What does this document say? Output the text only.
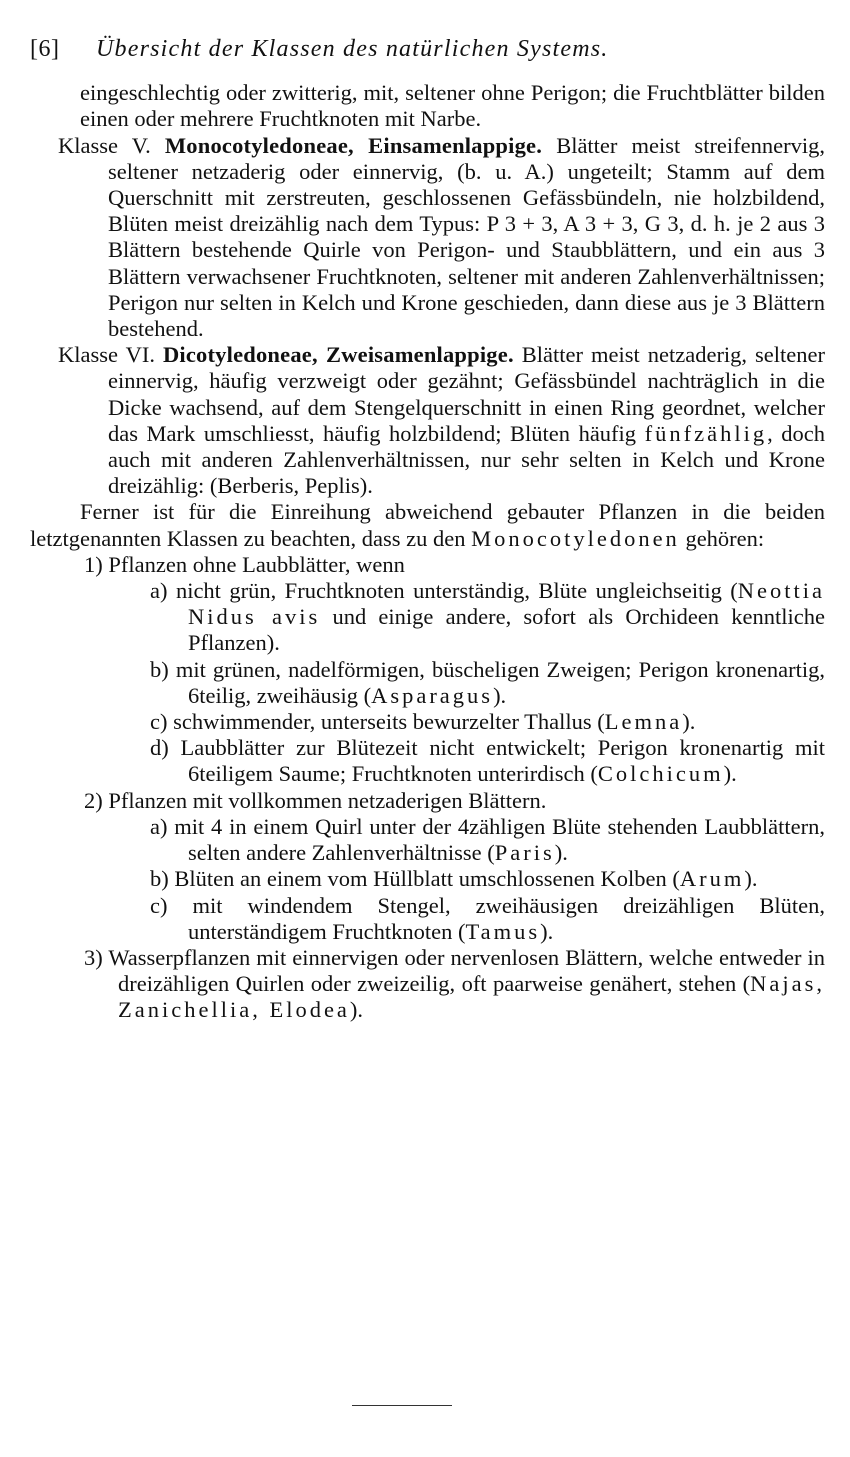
[6]	Übersicht der Klassen des natürlichen Systems.

eingeschlechtig oder zwitterig, mit, seltener ohne Perigon; die Fruchtblätter bilden einen oder mehrere Fruchtknoten mit Narbe.

Klasse V. Monocotyledoneae, Einsamenlappige. Blätter meist streifennervig, seltener netzaderig oder einnervig, (b. u. A.) ungeteilt; Stamm auf dem Querschnitt mit zerstreuten, geschlossenen Gefässbündeln, nie holzbildend, Blüten meist dreizählig nach dem Typus: P 3 + 3, A 3 + 3, G 3, d. h. je 2 aus 3 Blättern bestehende Quirle von Perigon- und Staubblättern, und ein aus 3 Blättern verwachsener Fruchtknoten, seltener mit anderen Zahlenverhältnissen; Perigon nur selten in Kelch und Krone geschieden, dann diese aus je 3 Blättern bestehend.

Klasse VI. Dicotyledoneae, Zweisamenlappige. Blätter meist netzaderig, seltener einnervig, häufig verzweigt oder gezähnt; Gefässbündel nachträglich in die Dicke wachsend, auf dem Stengelquerschnitt in einen Ring geordnet, welcher das Mark umschliesst, häufig holzbildend; Blüten häufig fünfzählig, doch auch mit anderen Zahlenverhältnissen, nur sehr selten in Kelch und Krone dreizählig: (Berberis, Peplis).

Ferner ist für die Einreihung abweichend gebauter Pflanzen in die beiden letztgenannten Klassen zu beachten, dass zu den Monocotyledonen gehören:

1) Pflanzen ohne Laubblätter, wenn

a) nicht grün, Fruchtknoten unterständig, Blüte ungleichseitig (Neottia Nidus avis und einige andere, sofort als Orchideen kenntliche Pflanzen).

b) mit grünen, nadelförmigen, büscheligen Zweigen; Perigon kronenartig, 6teilig, zweihäusig (Asparagus).

c) schwimmender, unterseits bewurzelter Thallus (Lemna).

d) Laubblätter zur Blütezeit nicht entwickelt; Perigon kronenartig mit 6teiligem Saume; Fruchtknoten unterirdisch (Colchicum).

2) Pflanzen mit vollkommen netzaderigen Blättern.

a) mit 4 in einem Quirl unter der 4zähligen Blüte stehenden Laubblättern, selten andere Zahlenverhältnisse (Paris).

b) Blüten an einem vom Hüllblatt umschlossenen Kolben (Arum).

c) mit windendem Stengel, zweihäusigen dreizähligen Blüten, unterständigem Fruchtknoten (Tamus).

3) Wasserpflanzen mit einnervigen oder nervenlosen Blättern, welche entweder in dreizähligen Quirlen oder zweizeilig, oft paarweise genähert, stehen (Najas, Zanichellia, Elodea).
